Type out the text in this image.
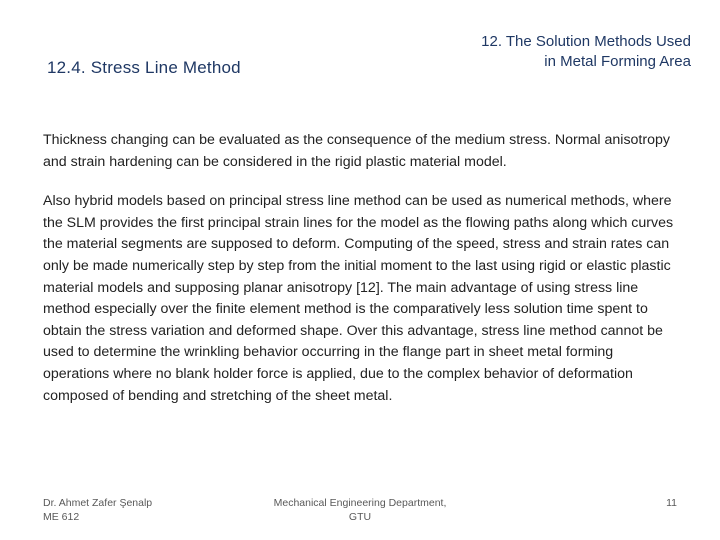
12. The Solution Methods Used
in Metal Forming Area
12.4. Stress Line Method

Thickness changing can be evaluated as the consequence of the medium stress. Normal anisotropy and strain hardening can be considered in the rigid plastic material model.

Also hybrid models based on principal stress line method can be used as numerical methods, where the SLM provides the first principal strain lines for the model as the flowing paths along which curves the material segments are supposed to deform. Computing of the speed, stress and strain rates can only be made numerically step by step from the initial moment to the last using rigid or elastic plastic material models and supposing planar anisotropy [12]. The main advantage of using stress line method especially over the finite element method is the comparatively less solution time spent to obtain the stress variation and deformed shape. Over this advantage, stress line method cannot be used to determine the wrinkling behavior occurring in the flange part in sheet metal forming operations where no blank holder force is applied, due to the complex behavior of deformation composed of bending and stretching of the sheet metal.

Dr. Ahmet Zafer Şenalp
ME 612
Mechanical Engineering Department,
GTU
11
